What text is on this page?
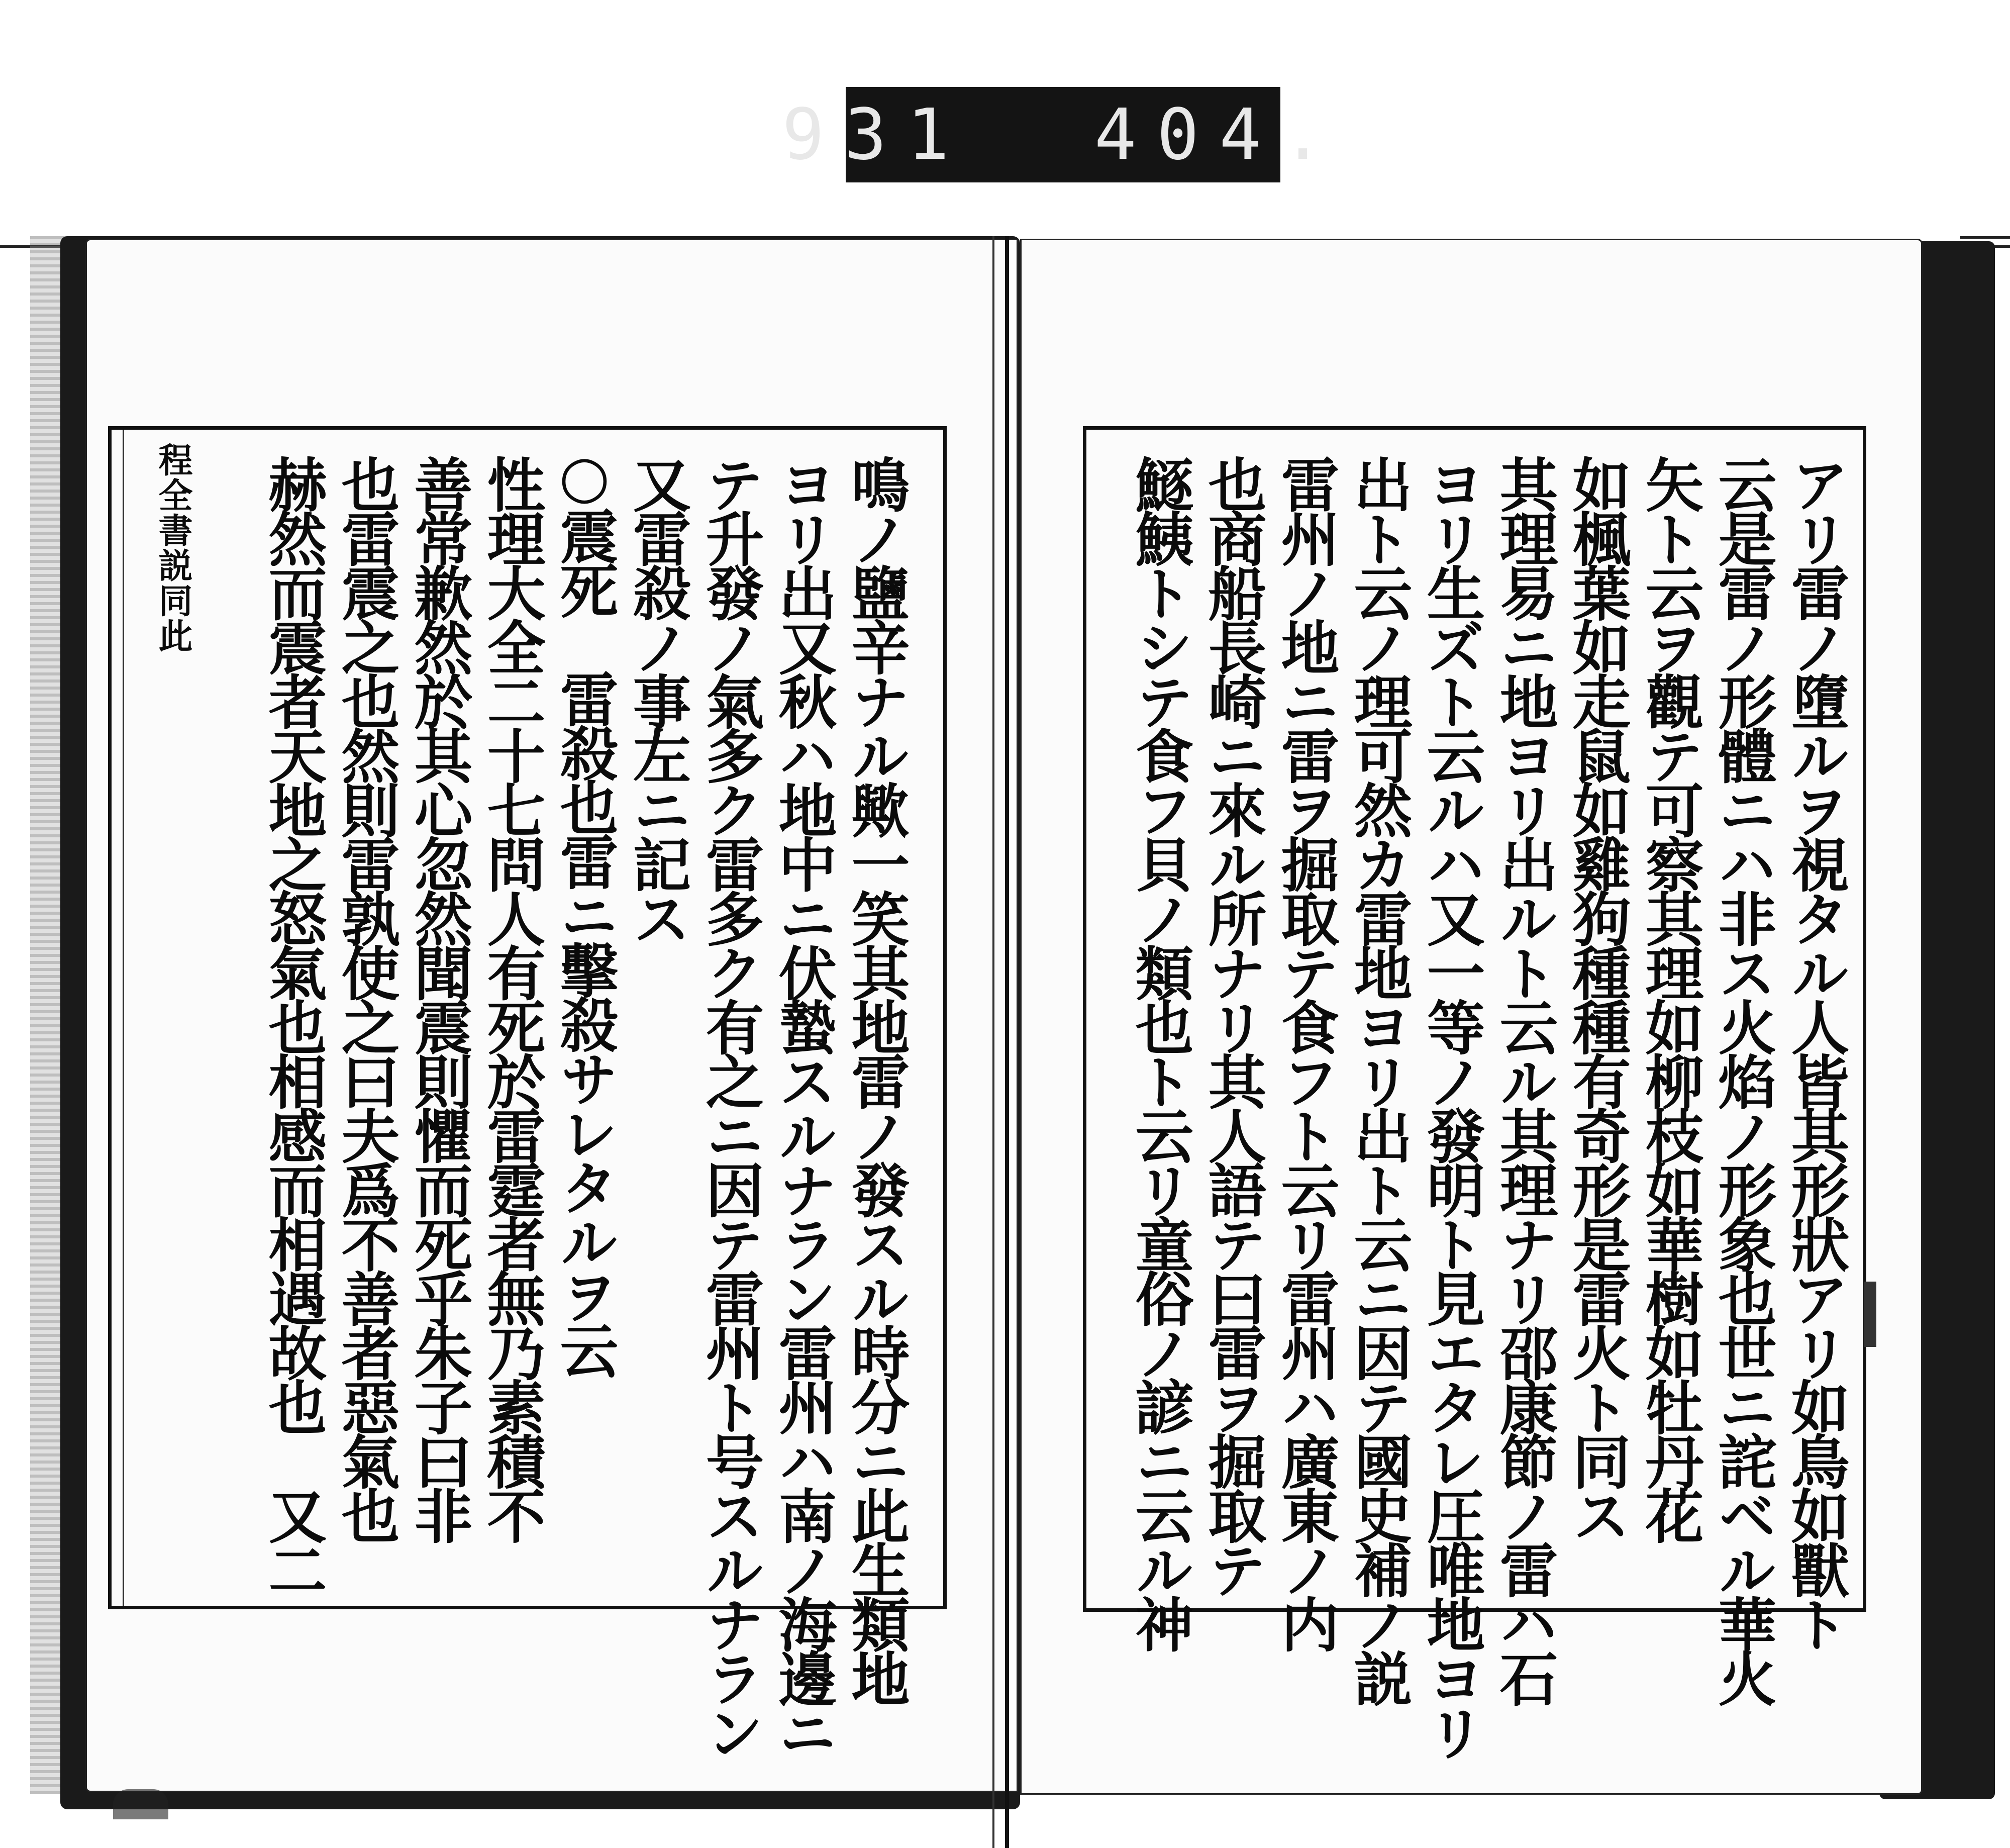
931  404.
アリ雷ノ墮ルヲ視タル人皆其形狀アリ如鳥如獸ト
云是雷ノ形體ニハ非ス火焰ノ形象也世ニ詫ベル華火
矢ト云ヲ觀テ可察其理如柳枝如華樹如牡丹花
如楓葉如走鼠如雞狗種種有奇形是雷火ト同ス
其理易ニ地ヨリ出ルト云ル其理ナリ邵康節ノ雷ハ石
ヨリ生ズト云ルハ又一等ノ發明ト見エタレ圧唯地ヨリ
出ト云ノ理可然カ雷地ヨリ出ト云ニ因テ國史補ノ説
雷州ノ地ニ雷ヲ掘取テ食フト云リ雷州ハ廣東ノ内
也商船長崎ニ來ル所ナリ其人語テ曰雷ヲ掘取テ
鱁鮧トシテ食フ貝ノ類也ト云リ童俗ノ諺ニ云ル神
鳴ノ鹽辛ナル歟一笑其地雷ノ發スル時分ニ此生類地
ヨリ出又秋ハ地中ニ伏蟄スルナラン雷州ハ南ノ海邊ニ
テ升發ノ氣多ク雷多ク有之ニ因テ雷州ト号スルナラン
又雷殺ノ事左ニ記ス
○震死　雷殺也雷ニ擊殺サレタルヲ云
性理大全二十七問人有死於雷霆者無乃素積不
善常歉然於其心忽然聞震則懼而死乎朱子曰非
也雷震之也然則雷孰使之曰夫爲不善者惡氣也
赫然而震者天地之怒氣也相感而相遇故也　又二
程全書説同此
